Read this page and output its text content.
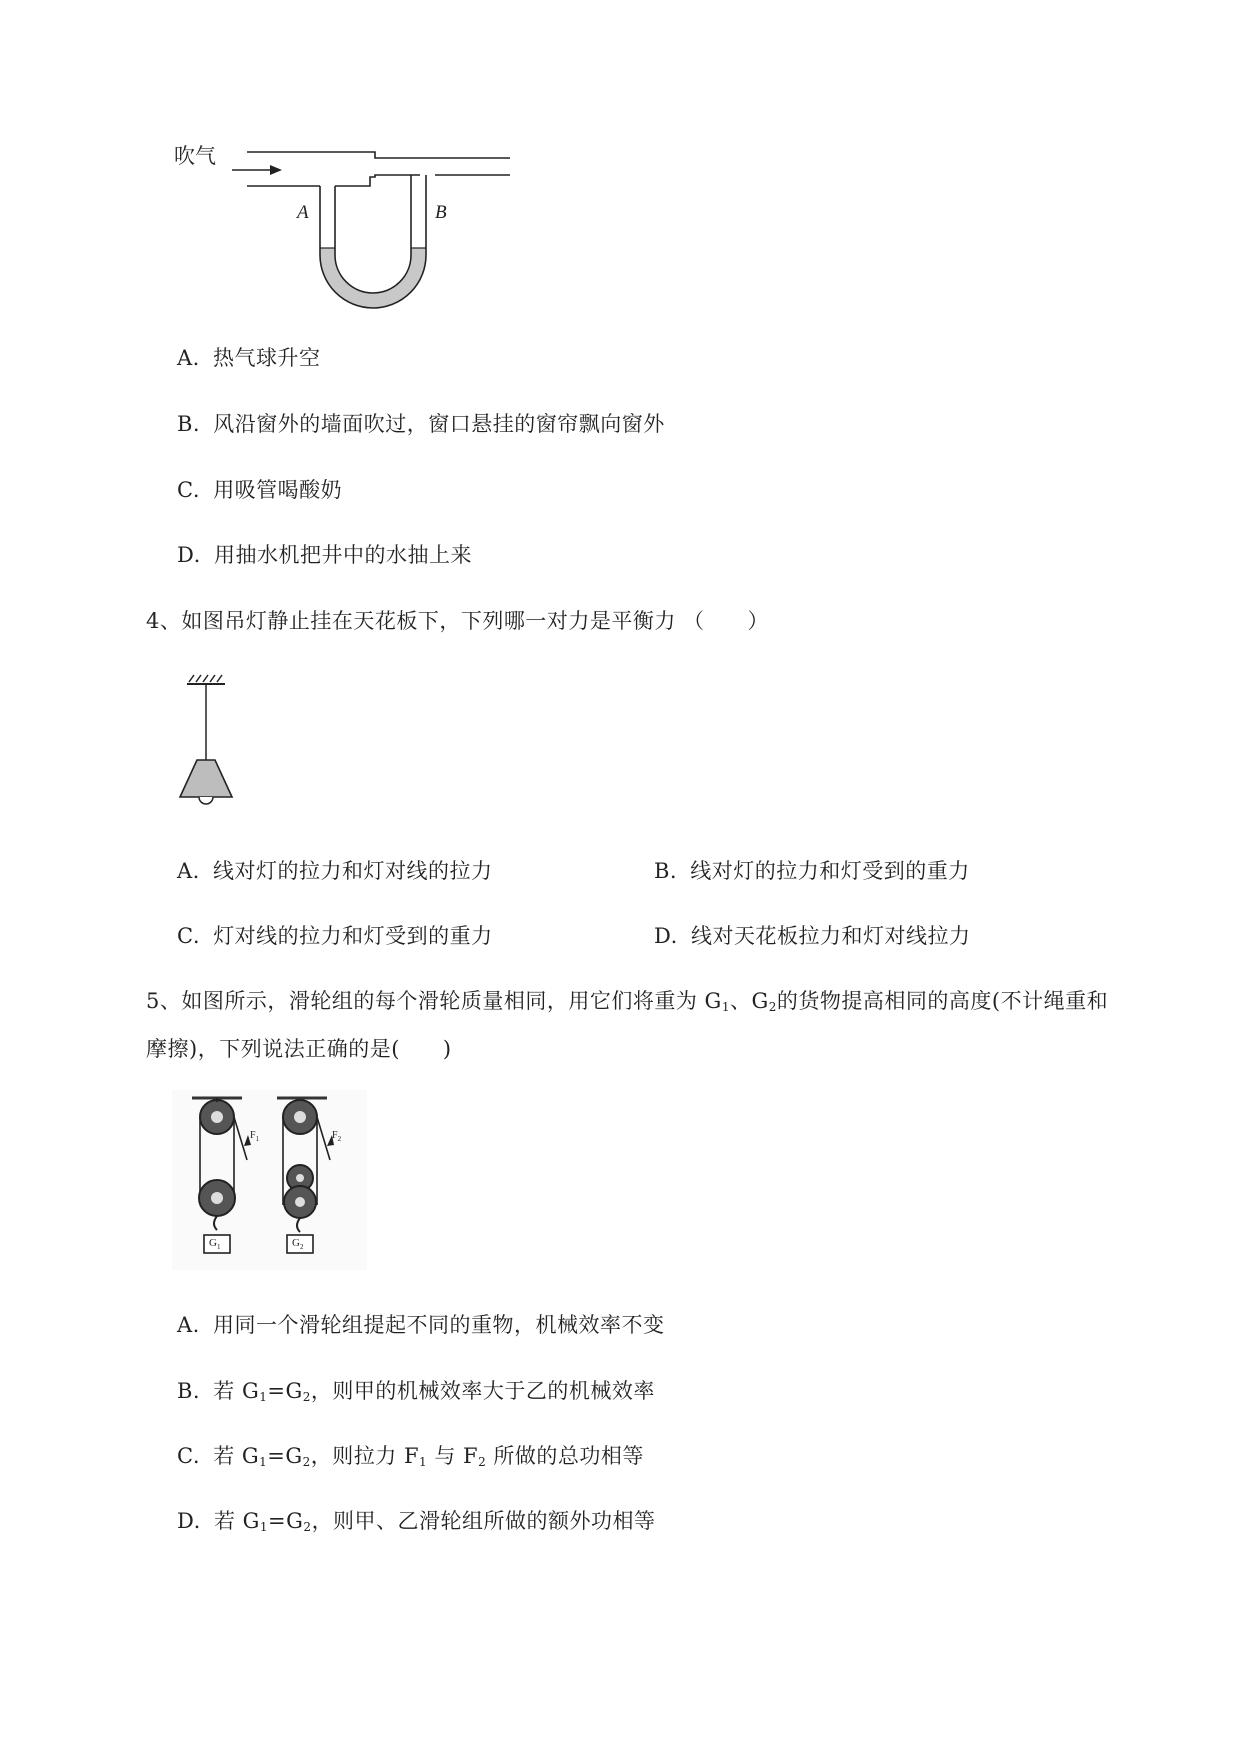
吹气
A	B
A. 热气球升空
B. 风沿窗外的墙面吹过，窗口悬挂的窗帘飘向窗外
C. 用吸管喝酸奶
D. 用抽水机把井中的水抽上来
4、如图吊灯静止挂在天花板下，下列哪一对力是平衡力 （　　）
A. 线对灯的拉力和灯对线的拉力	B. 线对灯的拉力和灯受到的重力
C. 灯对线的拉力和灯受到的重力	D. 线对天花板拉力和灯对线拉力
5、如图所示，滑轮组的每个滑轮质量相同，用它们将重为 $G_1$、$G_2$的货物提高相同的高度(不计绳重和
摩擦)，下列说法正确的是(　　)
$F_1$	$F_2$
$G_1$	$G_2$
A. 用同一个滑轮组提起不同的重物，机械效率不变
B. 若 $G_1=G_2$，则甲的机械效率大于乙的机械效率
C. 若 $G_1=G_2$，则拉力 $F_1$ 与 $F_2$ 所做的总功相等
D. 若 $G_1=G_2$，则甲、乙滑轮组所做的额外功相等
